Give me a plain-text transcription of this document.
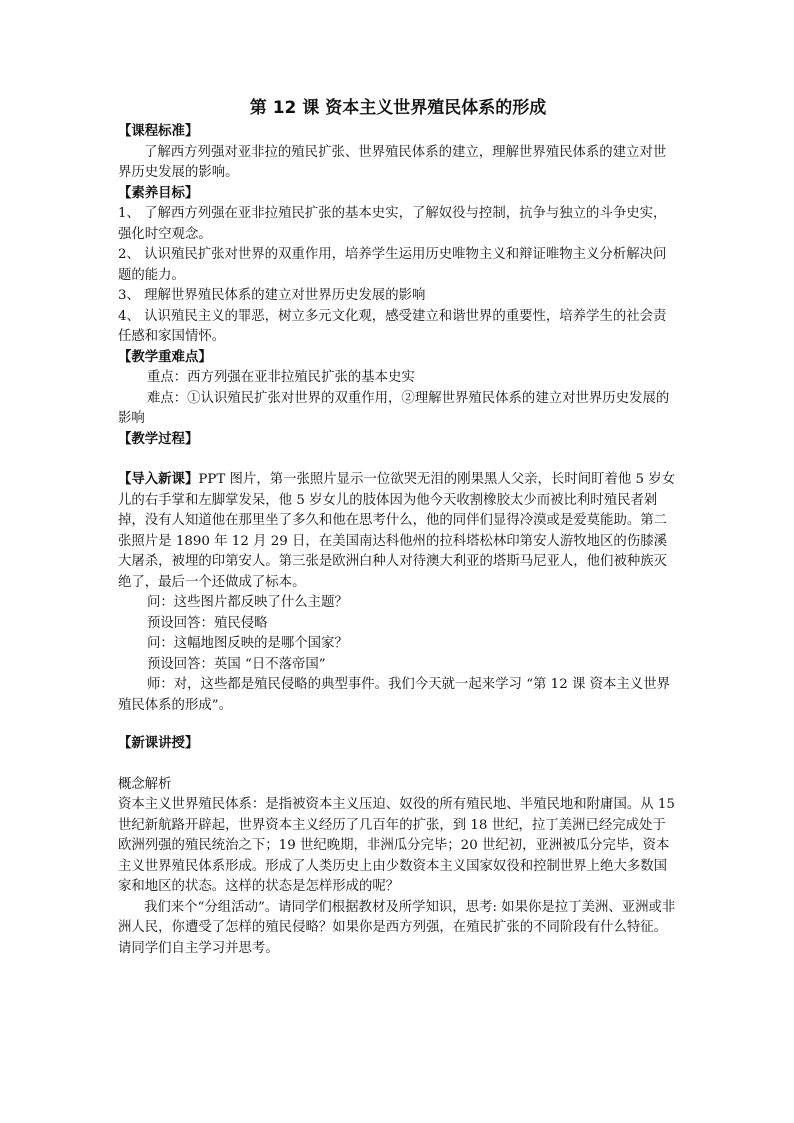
第 12 课 资本主义世界殖民体系的形成
【课程标准】

了解西方列强对亚非拉的殖民扩张、世界殖民体系的建立，理解世界殖民体系的建立对世界历史发展的影响。

【素养目标】

1、 了解西方列强在亚非拉殖民扩张的基本史实，了解奴役与控制，抗争与独立的斗争史实，强化时空观念。

2、 认识殖民扩张对世界的双重作用，培养学生运用历史唯物主义和辩证唯物主义分析解决问题的能力。

3、 理解世界殖民体系的建立对世界历史发展的影响

4、 认识殖民主义的罪恶，树立多元文化观，感受建立和谐世界的重要性，培养学生的社会责任感和家国情怀。

【教学重难点】

重点：西方列强在亚非拉殖民扩张的基本史实

难点：①认识殖民扩张对世界的双重作用，②理解世界殖民体系的建立对世界历史发展的影响

【教学过程】

【导入新课】PPT 图片，第一张照片显示一位欲哭无泪的刚果黑人父亲，长时间盯着他 5 岁女儿的右手掌和左脚掌发呆，他 5 岁女儿的肢体因为他今天收割橡胶太少而被比利时殖民者剁掉，没有人知道他在那里坐了多久和他在思考什么，他的同伴们显得冷漠或是爱莫能助。第二张照片是 1890 年 12 月 29 日，在美国南达科他州的拉科塔松林印第安人游牧地区的伤膝溪大屠杀，被埋的印第安人。第三张是欧洲白种人对待澳大利亚的塔斯马尼亚人，他们被种族灭绝了，最后一个还做成了标本。

问：这些图片都反映了什么主题？

预设回答：殖民侵略

问：这幅地图反映的是哪个国家？

预设回答：英国 “日不落帝国”

师：对，这些都是殖民侵略的典型事件。我们今天就一起来学习 “第 12 课 资本主义世界殖民体系的形成”。

【新课讲授】

概念解析

资本主义世界殖民体系：是指被资本主义压迫、奴役的所有殖民地、半殖民地和附庸国。从 15 世纪新航路开辟起，世界资本主义经历了几百年的扩张，到 18 世纪，拉丁美洲已经完成处于欧洲列强的殖民统治之下；19 世纪晚期，非洲瓜分完毕；20 世纪初，亚洲被瓜分完毕，资本主义世界殖民体系形成。形成了人类历史上由少数资本主义国家奴役和控制世界上绝大多数国家和地区的状态。这样的状态是怎样形成的呢？

我们来个“分组活动”。请同学们根据教材及所学知识，思考: 如果你是拉丁美洲、亚洲或非洲人民，你遭受了怎样的殖民侵略？如果你是西方列强，在殖民扩张的不同阶段有什么特征。请同学们自主学习并思考。
